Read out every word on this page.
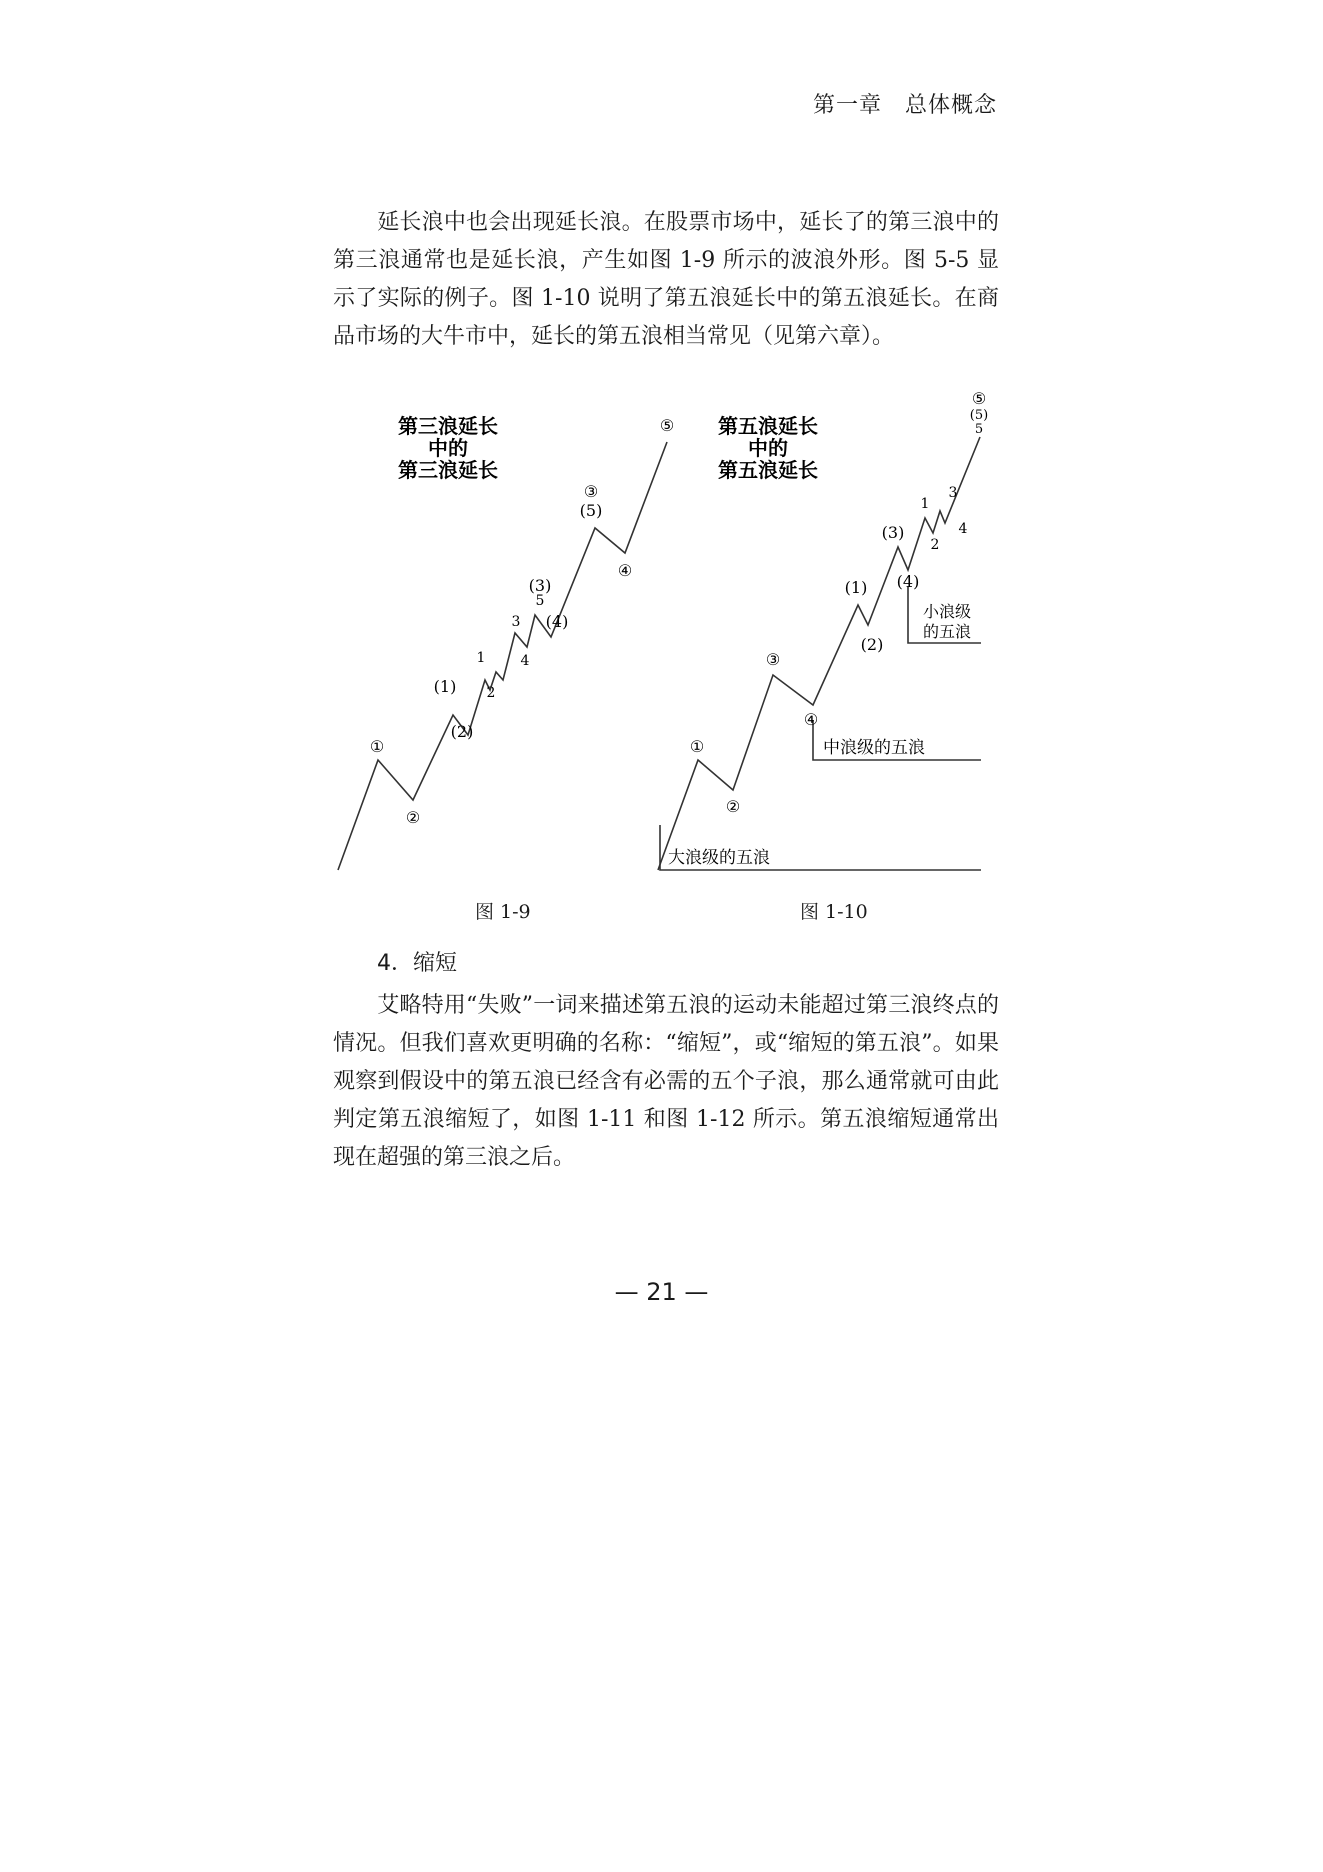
第一章　总体概念

延长浪中也会出现延长浪。在股票市场中，延长了的第三浪中的第三浪通常也是延长浪，产生如图 1-9 所示的波浪外形。图 5-5 显示了实际的例子。图 1-10 说明了第五浪延长中的第五浪延长。在商品市场的大牛市中，延长的第五浪相当常见（见第六章）。

第三浪延长
中的
第三浪延长
①
②
(1)
(2)
1
2
3
4
5
(3)
(4)
(5)
③
④
⑤ 第五浪延长
中的
第五浪延长
大浪级的五浪
中浪级的五浪
小浪级
的五浪
①
②
③
④
(1)
(2)
(3)
(4)
1
2
3
4
5
(5)
⑤
图 1-9	图 1-10
4．缩短

艾略特用“失败”一词来描述第五浪的运动未能超过第三浪终点的情况。但我们喜欢更明确的名称：“缩短”，或“缩短的第五浪”。如果观察到假设中的第五浪已经含有必需的五个子浪，那么通常就可由此判定第五浪缩短了，如图 1-11 和图 1-12 所示。第五浪缩短通常出现在超强的第三浪之后。

— 21 —
